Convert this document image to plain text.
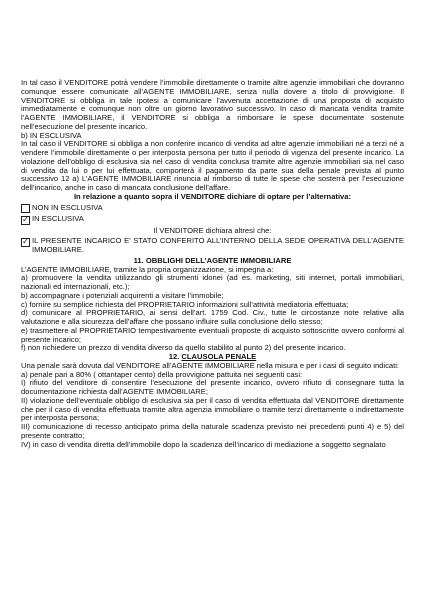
In tal caso il VENDITORE potrà vendere l’immobile direttamente o tramite altre agenzie immobiliari che dovranno comunque essere comunicate all’AGENTE IMMOBILIARE, senza nulla dovere a titolo di provvigione. Il VENDITORE si obbliga in tale ipotesi a comunicare l’avvenuta accettazione di una proposta di acquisto immediatamente e comunque non oltre un giorno lavorativo successivo. In caso di mancata vendita tramite l’AGENTE IMMOBILIARE, il VENDITORE si obbliga a rimborsare le spese documentate sostenute nell’esecuzione del presente incarico.

b) IN ESCLUSIVA

In tal caso il VENDITORE si obbliga a non conferire incarico di vendita ad altre agenzie immobiliari né a terzi né a vendere l’immobile direttamente o per interposta persona per tutto il periodo di vigenza del presente incarico. La violazione dell’obbligo di esclusiva sia nel caso di vendita conclusa tramite altre agenzie immobiliari sia nel caso di vendita da lui o per lui effettuata, comporterà il pagamento da parte sua della penale prevista al punto successivo 12 a) L’AGENTE IMMOBILIARE rinuncia al rimborso di tutte le spese che sosterrà per l’esecuzione dell’incarico, anche in caso di mancata conclusione dell’affare.

In relazione a quanto sopra il VENDITORE dichiare di optare per l’alternativa:

NON IN ESCLUSIVA
✓
IN ESCLUSIVA

Il VENDITORE dichiara altresì che:

✓
IL PRESENTE INCARICO E’ STATO CONFERITO ALL’INTERNO DELLA SEDE OPERATIVA DELL’AGENTE IMMOBILIARE.

11. OBBLIGHI DELL’AGENTE IMMOBILIARE

L’AGENTE IMMOBILIARE, tramite la propria organizzazione, si impegna a:

a) promuovere la vendita utilizzando gli strumenti idonei (ad es. marketing, siti internet, portali immobiliari, nazionali ed internazionali, etc.);

b) accompagnare i potenziali acquirenti a visitare l’immobile;

c) fornire su semplice richiesta del PROPRIETARIO informazioni sull’attività mediatoria effettuata;

d) comunicare al PROPRIETARIO, ai sensi dell’art. 1759 Cod. Civ., tutte le circostanze note relative alla valutazione e alla sicurezza dell’affare che possano influire sulla conclusione dello stesso;

e) trasmettere al PROPRIETARIO tempestivamente eventuali proposte di acquisto sottoscritte ovvero conformi al presente incarico;

f) non richiedere un prezzo di vendita diverso da quello stabilito al punto 2) del presente incarico.

12. CLAUSOLA PENALE

Una penale sarà dovuta dal VENDITORE all’AGENTE IMMOBILIARE nella misura e per i casi di seguito indicati:

a) penale pari a 80% ( ottantaper cento) della provvigione pattuita nei seguenti casi:

I) rifiuto del venditore di consentire l’esecuzione del presente incarico, ovvero rifiuto di consegnare tutta la documentazione richiesta dall’AGENTE IMMOBILIARE;

II) violazione dell’eventuale obbligo di esclusiva sia per il caso di vendita effettuata dal VENDITORE direttamente che per il caso di vendita effettuata tramite altra agenzia immobiliare o tramite terzi direttamente o indirettamente per interposta persona;

III) comunicazione di recesso anticipato prima della naturale scadenza previsto nei precedenti punti 4) e 5) del presente contratto;

IV) in caso di vendita diretta dell’immobile dopo la scadenza dell’incarico di mediazione a soggetto segnalato
